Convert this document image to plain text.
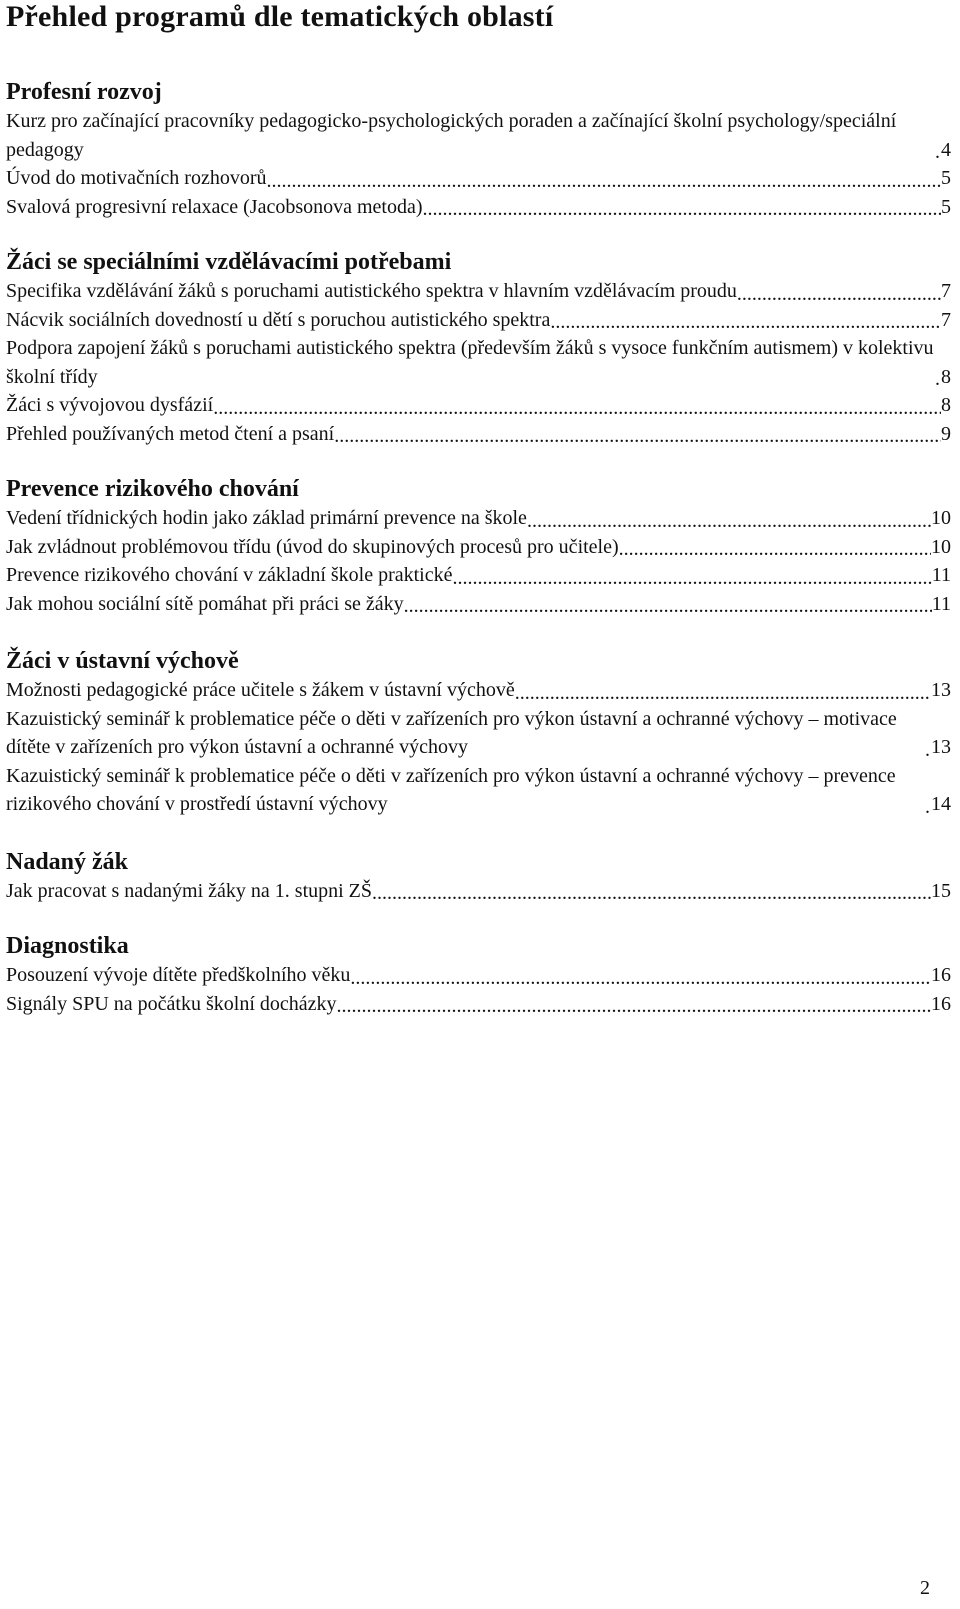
Přehled programů dle tematických oblastí
Profesní rozvoj
Kurz pro začínající pracovníky pedagogicko-psychologických poraden a začínající školní psychology/speciální pedagogy .....	4
Úvod do motivačních rozhovorů .....	5
Svalová progresivní relaxace (Jacobsonova metoda) .....	5
Žáci se speciálními vzdělávacími potřebami
Specifika vzdělávání žáků s poruchami autistického spektra v hlavním vzdělávacím proudu .....	7
Nácvik sociálních dovedností u dětí s poruchou autistického spektra .....	7
Podpora zapojení žáků s poruchami autistického spektra (především žáků s vysoce funkčním autismem) v kolektivu školní třídy .....	8
Žáci s vývojovou dysfázií .....	8
Přehled používaných metod čtení a psaní .....	9
Prevence rizikového chování
Vedení třídnických hodin jako základ primární prevence na škole .....	10
Jak zvládnout problémovou třídu (úvod do skupinových procesů pro učitele) .....	10
Prevence rizikového chování v základní škole praktické .....	11
Jak mohou sociální sítě pomáhat při práci se žáky .....	11
Žáci v ústavní výchově
Možnosti pedagogické práce učitele s žákem v ústavní výchově .....	13
Kazuistický seminář k problematice péče o děti v zařízeních pro výkon ústavní a ochranné výchovy – motivace dítěte v zařízeních pro výkon ústavní a ochranné výchovy .....	13
Kazuistický seminář k problematice péče o děti v zařízeních pro výkon ústavní a ochranné výchovy – prevence rizikového chování v prostředí ústavní výchovy .....	14
Nadaný žák
Jak pracovat s nadanými žáky na 1. stupni ZŠ .....	15
Diagnostika
Posouzení vývoje dítěte předškolního věku .....	16
Signály SPU na počátku školní docházky .....	16
2
